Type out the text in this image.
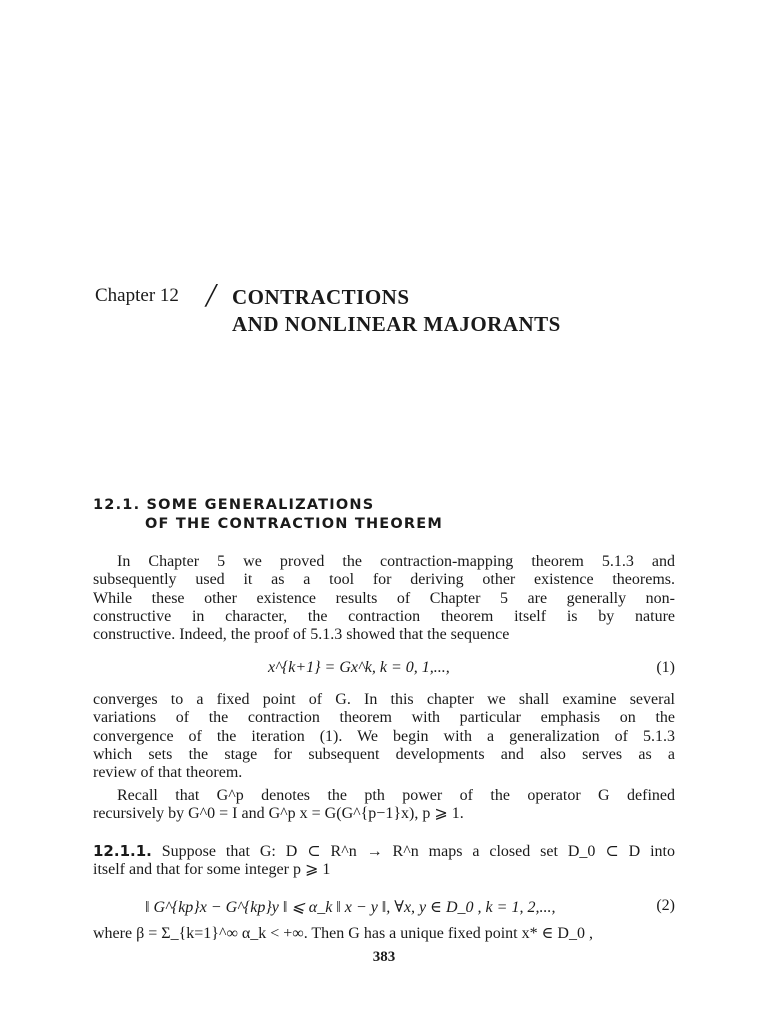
Chapter 12 / CONTRACTIONS
AND NONLINEAR MAJORANTS
12.1. SOME GENERALIZATIONS
OF THE CONTRACTION THEOREM
In Chapter 5 we proved the contraction-mapping theorem 5.1.3 and
subsequently used it as a tool for deriving other existence theorems.
While these other existence results of Chapter 5 are generally non-
constructive in character, the contraction theorem itself is by nature
constructive. Indeed, the proof of 5.1.3 showed that the sequence
x^{k+1} = Gx^k, k = 0, 1,...,	(1)
converges to a fixed point of G. In this chapter we shall examine several
variations of the contraction theorem with particular emphasis on the
convergence of the iteration (1). We begin with a generalization of 5.1.3
which sets the stage for subsequent developments and also serves as a
review of that theorem.
Recall that G^p denotes the pth power of the operator G defined
recursively by G^0 = I and G^p x = G(G^{p−1}x), p ⩾ 1.
12.1.1. Suppose that G: D ⊂ R^n → R^n maps a closed set D_0 ⊂ D into
itself and that for some integer p ⩾ 1
‖ G^{kp}x − G^{kp}y ‖ ⩽ α_k ‖ x − y ‖, ∀x, y ∈ D_0 , k = 1, 2,...,	(2)
where β = Σ_{k=1}^∞ α_k < +∞. Then G has a unique fixed point x* ∈ D_0 ,
383
